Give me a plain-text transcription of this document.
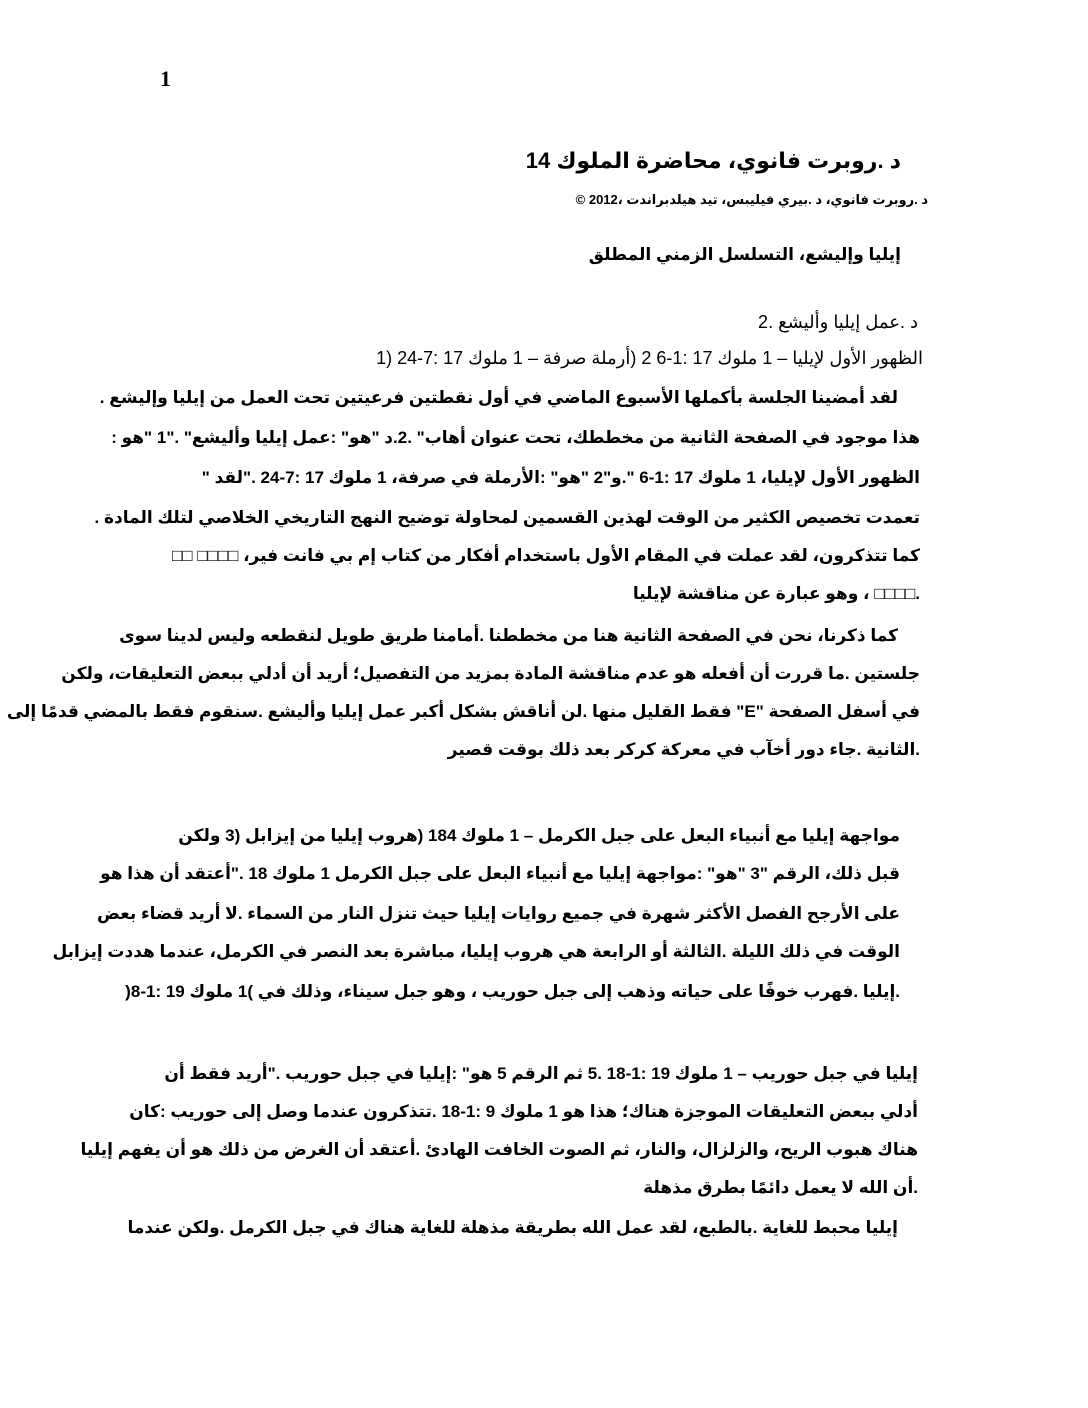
1
د .روبرت فانوي، محاضرة الملوك 14
د .روبرت فانوي، د .بيري فيليبس، تيد هيلدبراندت ،2012 ©
إيليا وإليشع، التسلسل الزمني المطلق
د .عمل إيليا وأليشع .2
الظهور الأول لإيليا – 1 ملوك 17 :1-6 2 (أرملة صرفة – 1 ملوك 17 :7-24 (1
لقد أمضينا الجلسة بأكملها الأسبوع الماضي في أول نقطتين فرعيتين تحت العمل من إيليا وإليشع .
هذا موجود في الصفحة الثانية من مخططك، تحت عنوان أهاب" .2.د "هو" :عمل إيليا وأليشع" ."1 "هو :
الظهور الأول لإيليا، 1 ملوك 17 :1-6 ".و"2 "هو" :الأرملة في صرفة، 1 ملوك 17 :7-24 ."لقد "
تعمدت تخصيص الكثير من الوقت لهذين القسمين لمحاولة توضيح النهج التاريخي الخلاصي لتلك المادة .
كما تتذكرون، لقد عملت في المقام الأول باستخدام أفكار من كتاب إم بي فانت فير، □□□□ □□
.□□□□ ، وهو عبارة عن مناقشة لإيليا
كما ذكرنا، نحن في الصفحة الثانية هنا من مخططنا .أمامنا طريق طويل لنقطعه وليس لدينا سوى
جلستين .ما قررت أن أفعله هو عدم مناقشة المادة بمزيد من التفصيل؛ أريد أن أدلي ببعض التعليقات، ولكن
في أسفل الصفحة "E" فقط القليل منها .لن أناقش بشكل أكبر عمل إيليا وأليشع .سنقوم فقط بالمضي قدمًا إلى
.الثانية .جاء دور أخآب في معركة كركر بعد ذلك بوقت قصير
مواجهة إيليا مع أنبياء البعل على جبل الكرمل – 1 ملوك 184 (هروب إيليا من إيزابل (3 ولكن
قبل ذلك، الرقم "3 "هو" :مواجهة إيليا مع أنبياء البعل على جبل الكرمل 1 ملوك 18 ."أعتقد أن هذا هو
على الأرجح الفصل الأكثر شهرة في جميع روايات إيليا حيث تنزل النار من السماء .لا أريد قضاء بعض
الوقت في ذلك الليلة .الثالثة أو الرابعة هي هروب إيليا، مباشرة بعد النصر في الكرمل، عندما هددت إيزابل
.إيليا .فهرب خوفًا على حياته وذهب إلى جبل حوريب ، وهو جبل سيناء، وذلك في )1 ملوك 19 :1-8(
إيليا في جبل حوريب – 1 ملوك 19 :1-18 .5 ثم الرقم 5 هو" :إيليا في جبل حوريب ."أريد فقط أن
أدلي ببعض التعليقات الموجزة هناك؛ هذا هو 1 ملوك 9 :1-18 .تتذكرون عندما وصل إلى حوريب :كان
هناك هبوب الريح، والزلزال، والنار، ثم الصوت الخافت الهادئ .أعتقد أن الغرض من ذلك هو أن يفهم إيليا
.أن الله لا يعمل دائمًا بطرق مذهلة
إيليا محبط للغاية .بالطبع، لقد عمل الله بطريقة مذهلة للغاية هناك في جبل الكرمل .ولكن عندما
